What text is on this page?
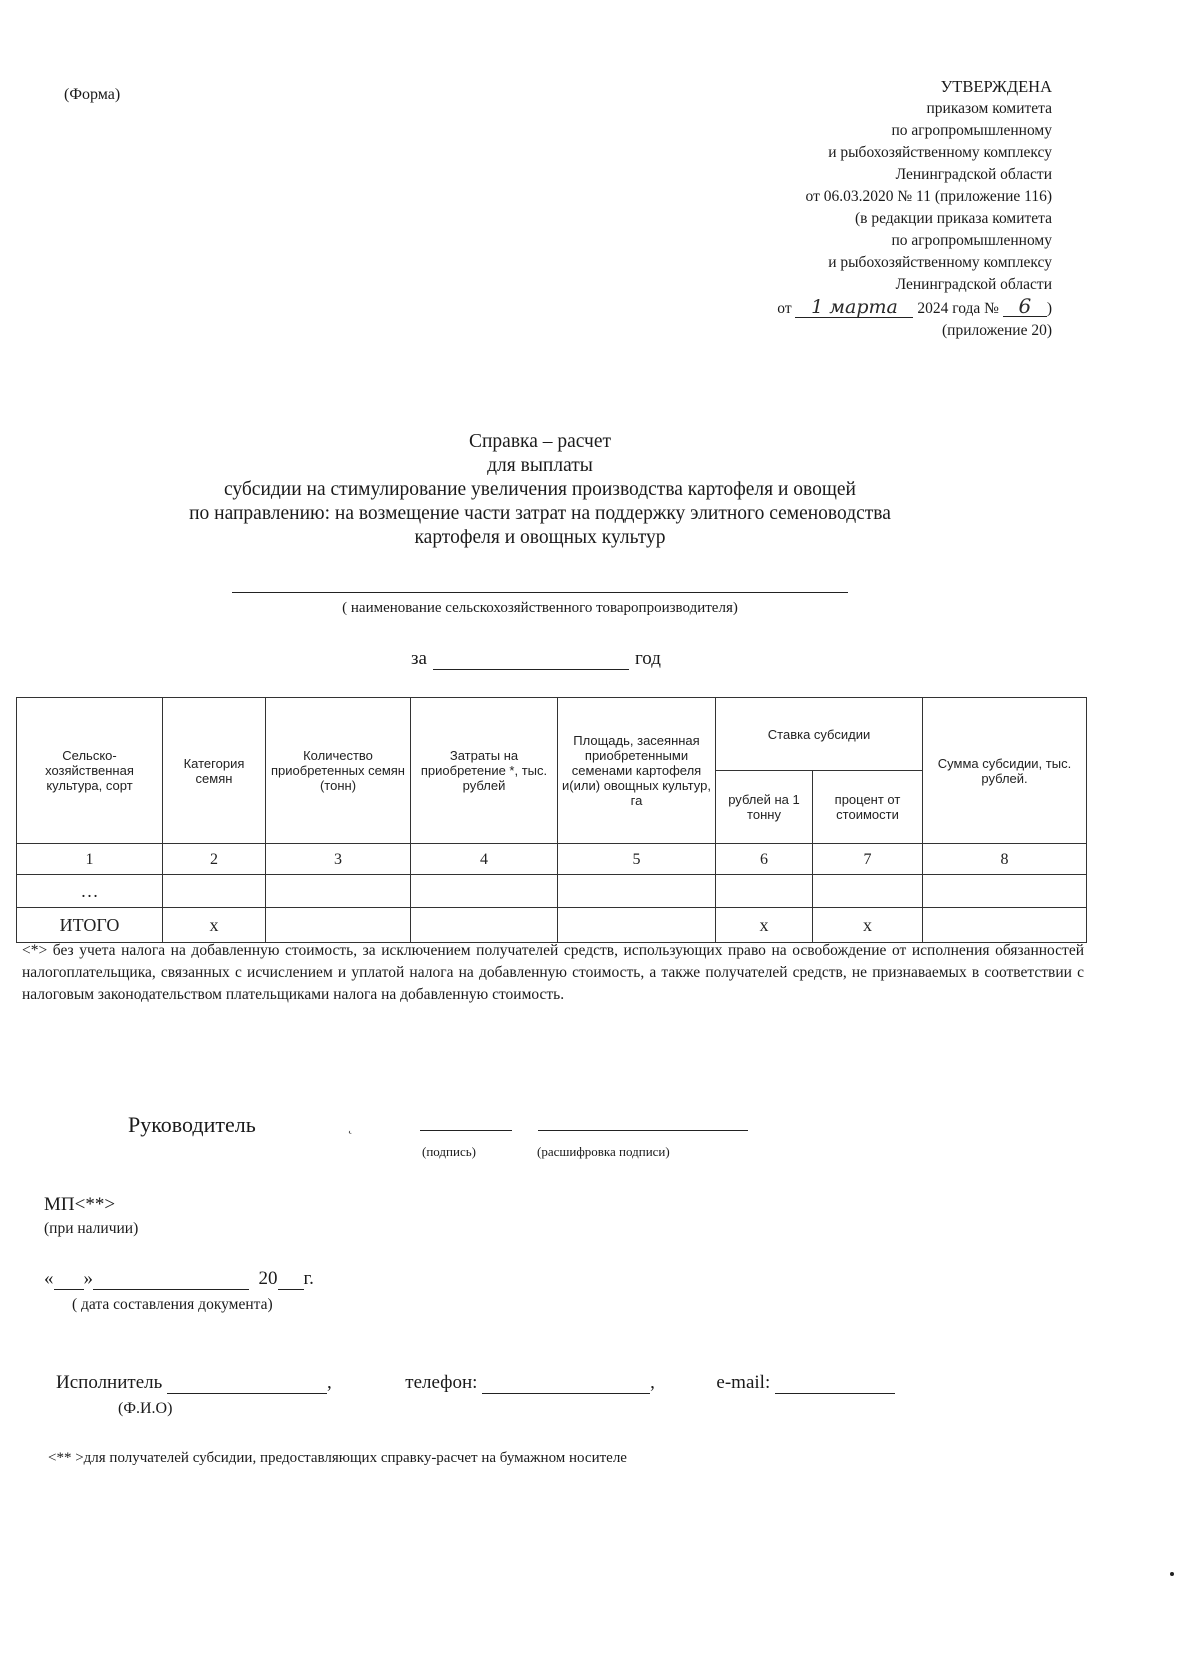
(Форма)	УТВЕРЖДЕНА
приказом комитета
по агропромышленному
и рыбохозяйственному комплексу
Ленинградской области
от 06.03.2020 № 11 (приложение 116)
(в редакции приказа комитета
по агропромышленному
и рыбохозяйственному комплексу
Ленинградской области
от 1 марта 2024 года № 6 )
(приложение 20)
Справка – расчет
для выплаты
субсидии на стимулирование увеличения производства картофеля и овощей
по направлению: на возмещение части затрат на поддержку элитного семеноводства
картофеля и овощных культур
( наименование сельскохозяйственного товаропроизводителя)
за	год
Сельско-хозяйственная культура, сорт	Категория семян	Количество приобретенных семян (тонн)	Затраты на приобретение *, тыс. рублей	Площадь, засеянная приобретенными семенами картофеля и(или) овощных культур, га	Ставка субсидии		Сумма субсидии, тыс. рублей.
					рублей на 1 тонну	процент от стоимости	
1	2	3	4	5	6	7	8
…							
ИТОГО	х				х	х	
<*> без учета налога на добавленную стоимость, за исключением получателей средств, использующих право на освобождение от исполнения обязанностей налогоплательщика, связанных с исчислением и уплатой налога на добавленную стоимость, а также получателей средств, не признаваемых в соответствии с налоговым законодательством плательщиками налога на добавленную стоимость.
Руководитель	˛
(подпись)	(расшифровка подписи)
МП<**>
(при наличии)
« »	20 г.
( дата составления документа)
Исполнитель	,	телефон:	,	e-mail:
(Ф.И.О)
<** >для получателей субсидии, предоставляющих справку-расчет на бумажном носителе
